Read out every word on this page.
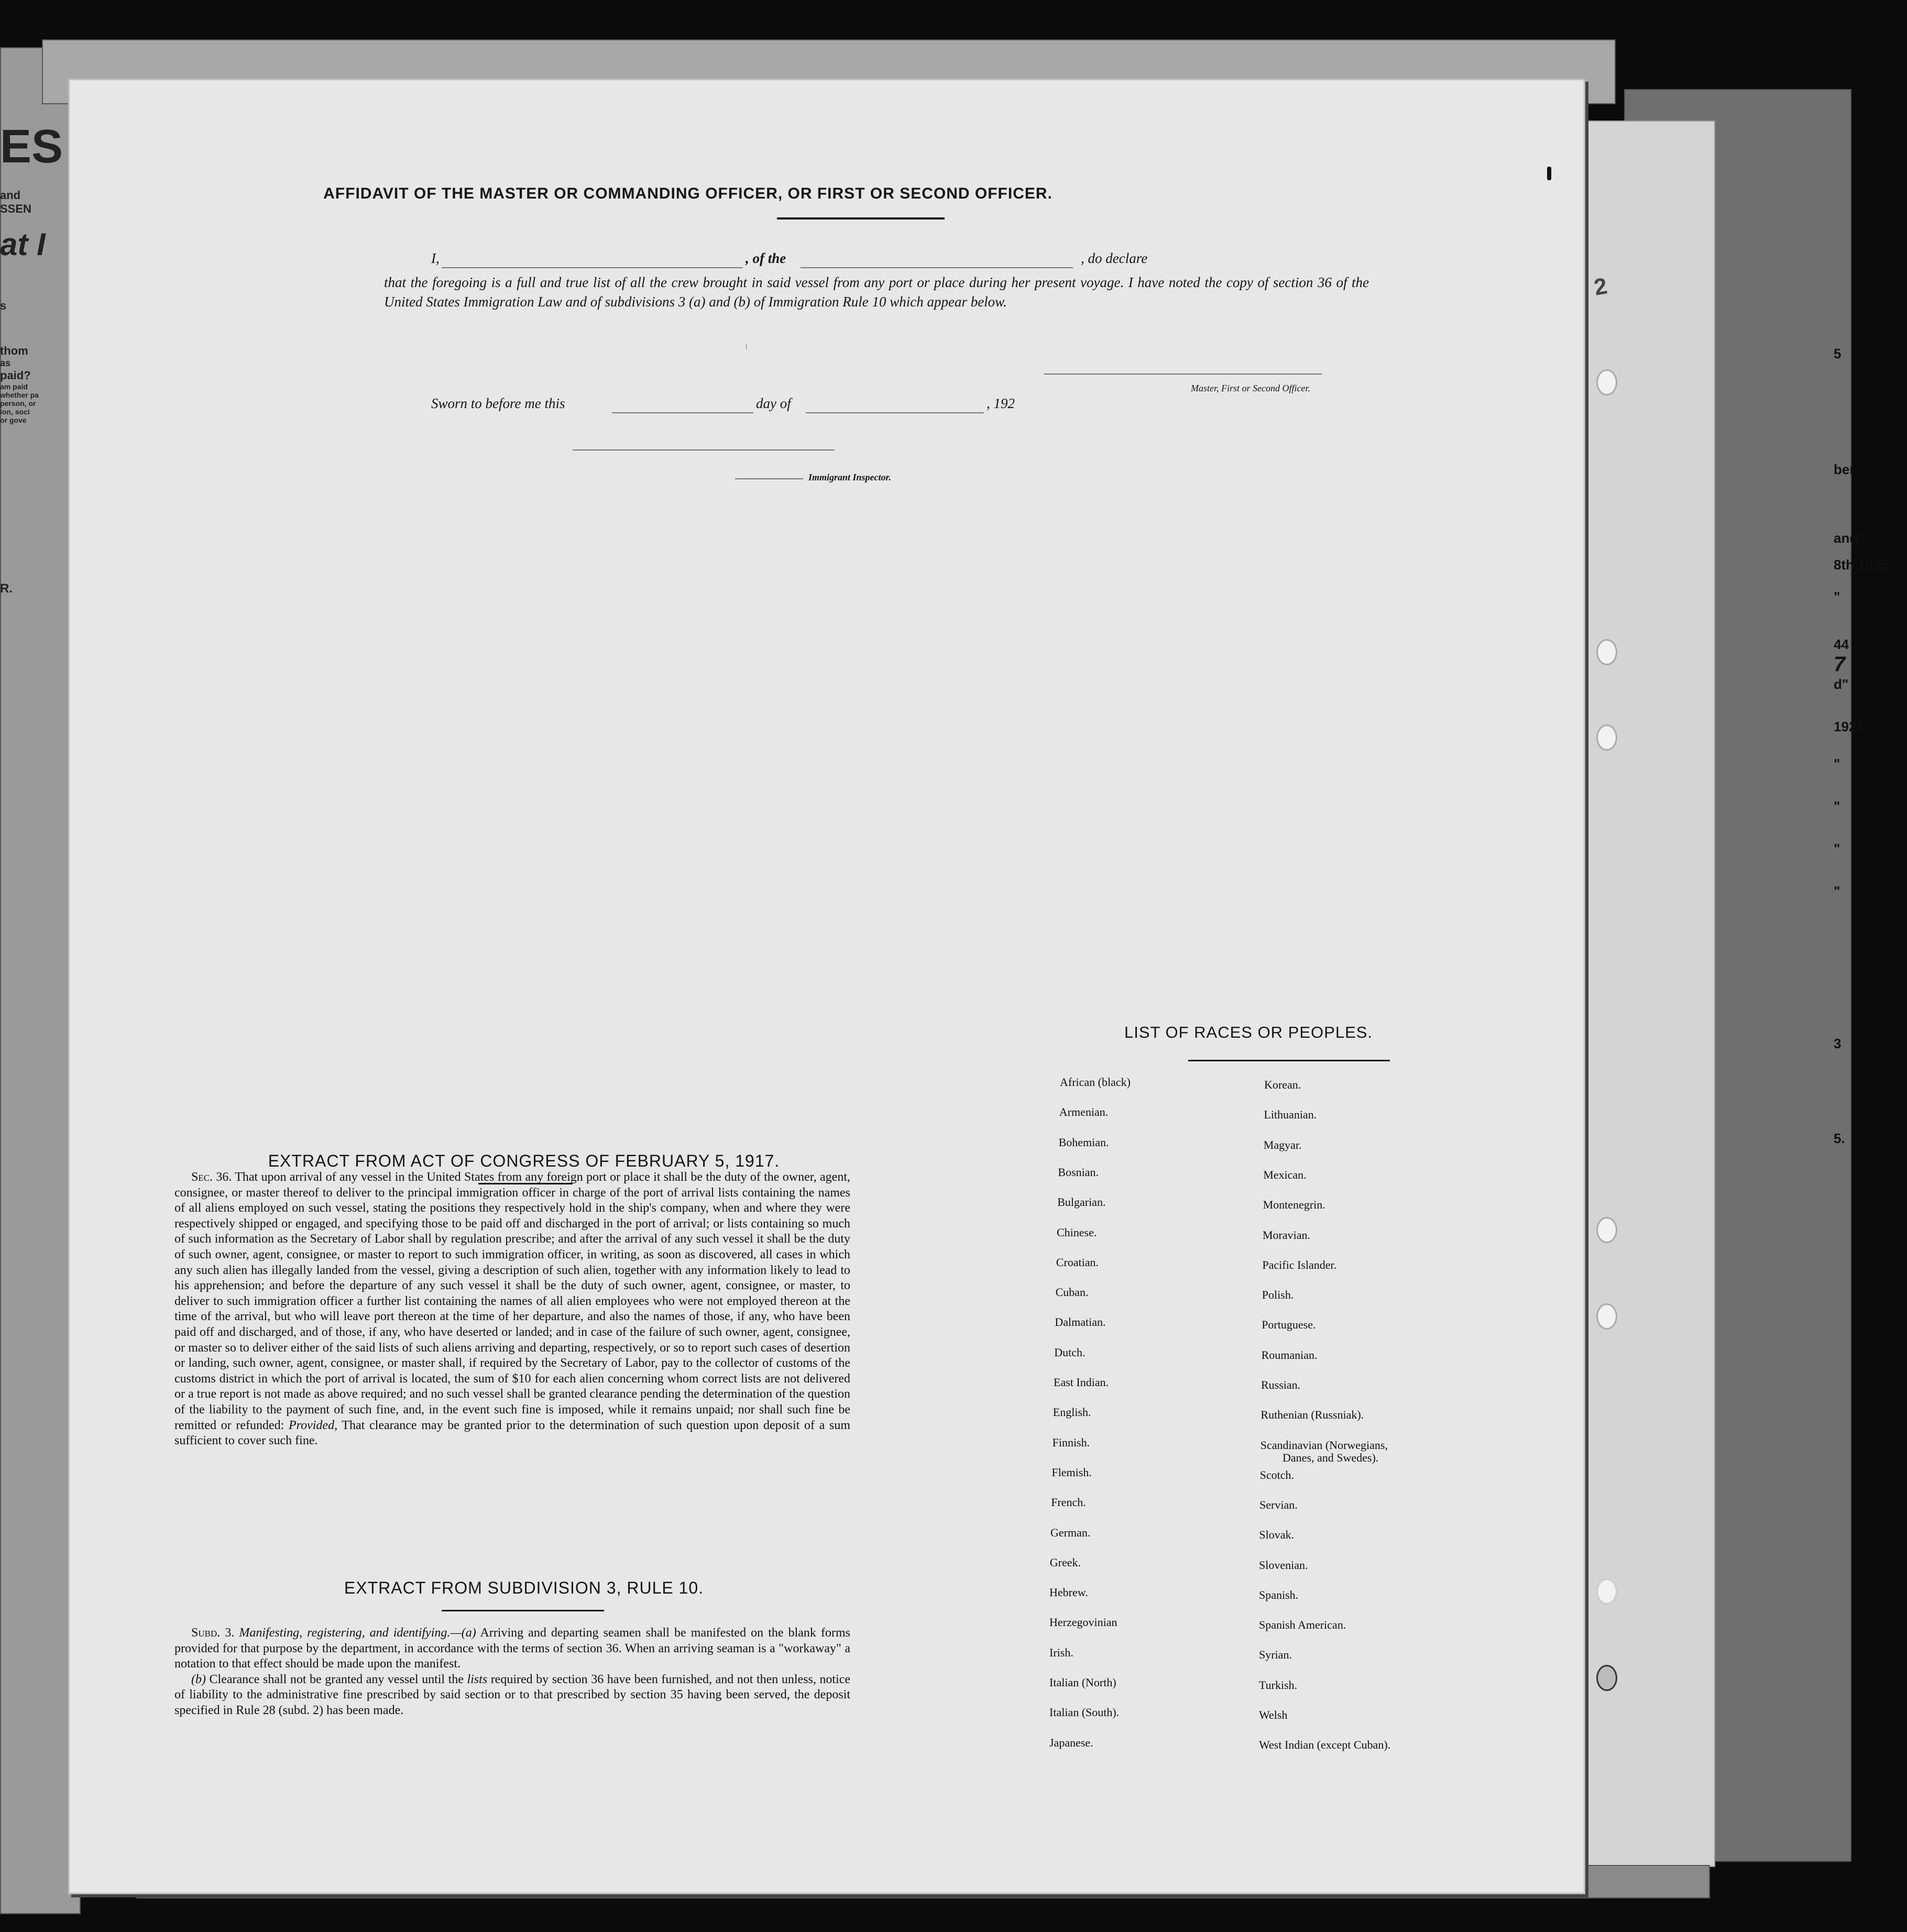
ES
and
SSEN
at I
s
thom
as
paid?
am paid
whether pa
person, or
ion, soci
or gove
R.
5
ber
and"
8th 1925
"
44
7
d"
1925
"
"
"
"
3
5.
AFFIDAVIT OF THE MASTER OR COMMANDING OFFICER, OR FIRST OR SECOND OFFICER.
I,	, of the	, do declare

that the foregoing is a full and true list of all the crew brought in said vessel from any port or place during her present voyage. I have noted the copy of section 36 of the United States Immigration Law and of subdivisions 3 (a) and (b) of Immigration Rule 10 which appear below.

ᶩ
Master, First or Second Officer.
Sworn to before me this	day of	, 192
Immigrant Inspector.
2
EXTRACT FROM ACT OF CONGRESS OF FEBRUARY 5, 1917.

Sec. 36. That upon arrival of any vessel in the United States from any foreign port or place it shall be the duty of the owner, agent, consignee, or master thereof to deliver to the principal immigration officer in charge of the port of arrival lists containing the names of all aliens employed on such vessel, stating the positions they respectively hold in the ship's company, when and where they were respectively shipped or engaged, and specifying those to be paid off and discharged in the port of arrival; or lists containing so much of such information as the Secretary of Labor shall by regulation prescribe; and after the arrival of any such vessel it shall be the duty of such owner, agent, consignee, or master to report to such immigration officer, in writing, as soon as discovered, all cases in which any such alien has illegally landed from the vessel, giving a description of such alien, together with any information likely to lead to his apprehension; and before the departure of any such vessel it shall be the duty of such owner, agent, consignee, or master, to deliver to such immigration officer a further list containing the names of all alien employees who were not employed thereon at the time of the arrival, but who will leave port thereon at the time of her departure, and also the names of those, if any, who have been paid off and discharged, and of those, if any, who have deserted or landed; and in case of the failure of such owner, agent, consignee, or master so to deliver either of the said lists of such aliens arriving and departing, respectively, or so to report such cases of desertion or landing, such owner, agent, consignee, or master shall, if required by the Secretary of Labor, pay to the collector of customs of the customs district in which the port of arrival is located, the sum of $10 for each alien concerning whom correct lists are not delivered or a true report is not made as above required; and no such vessel shall be granted clearance pending the determination of the question of the liability to the payment of such fine, and, in the event such fine is imposed, while it remains unpaid; nor shall such fine be remitted or refunded: Provided, That clearance may be granted prior to the determination of such question upon deposit of a sum sufficient to cover such fine.

EXTRACT FROM SUBDIVISION 3, RULE 10.

Subd. 3. Manifesting, registering, and identifying.—(a) Arriving and departing seamen shall be manifested on the blank forms provided for that purpose by the department, in accordance with the terms of section 36. When an arriving seaman is a "workaway" a notation to that effect should be made upon the manifest.
(b) Clearance shall not be granted any vessel until the lists required by section 36 have been furnished, and not then unless, notice of liability to the administrative fine prescribed by said section or to that prescribed by section 35 having been served, the deposit specified in Rule 28 (subd. 2) has been made.

LIST OF RACES OR PEOPLES.
African (black)
Armenian.
Bohemian.
Bosnian.
Bulgarian.
Chinese.
Croatian.
Cuban.
Dalmatian.
Dutch.
East Indian.
English.
Finnish.
Flemish.
French.
German.
Greek.
Hebrew.
Herzegovinian
Irish.
Italian (North)
Italian (South).
Japanese.
Korean.
Lithuanian.
Magyar.
Mexican.
Montenegrin.
Moravian.
Pacific Islander.
Polish.
Portuguese.
Roumanian.
Russian.
Ruthenian (Russniak).
Scandinavian (Norwegians,
Danes, and Swedes).
Scotch.
Servian.
Slovak.
Slovenian.
Spanish.
Spanish American.
Syrian.
Turkish.
Welsh
West Indian (except Cuban).
